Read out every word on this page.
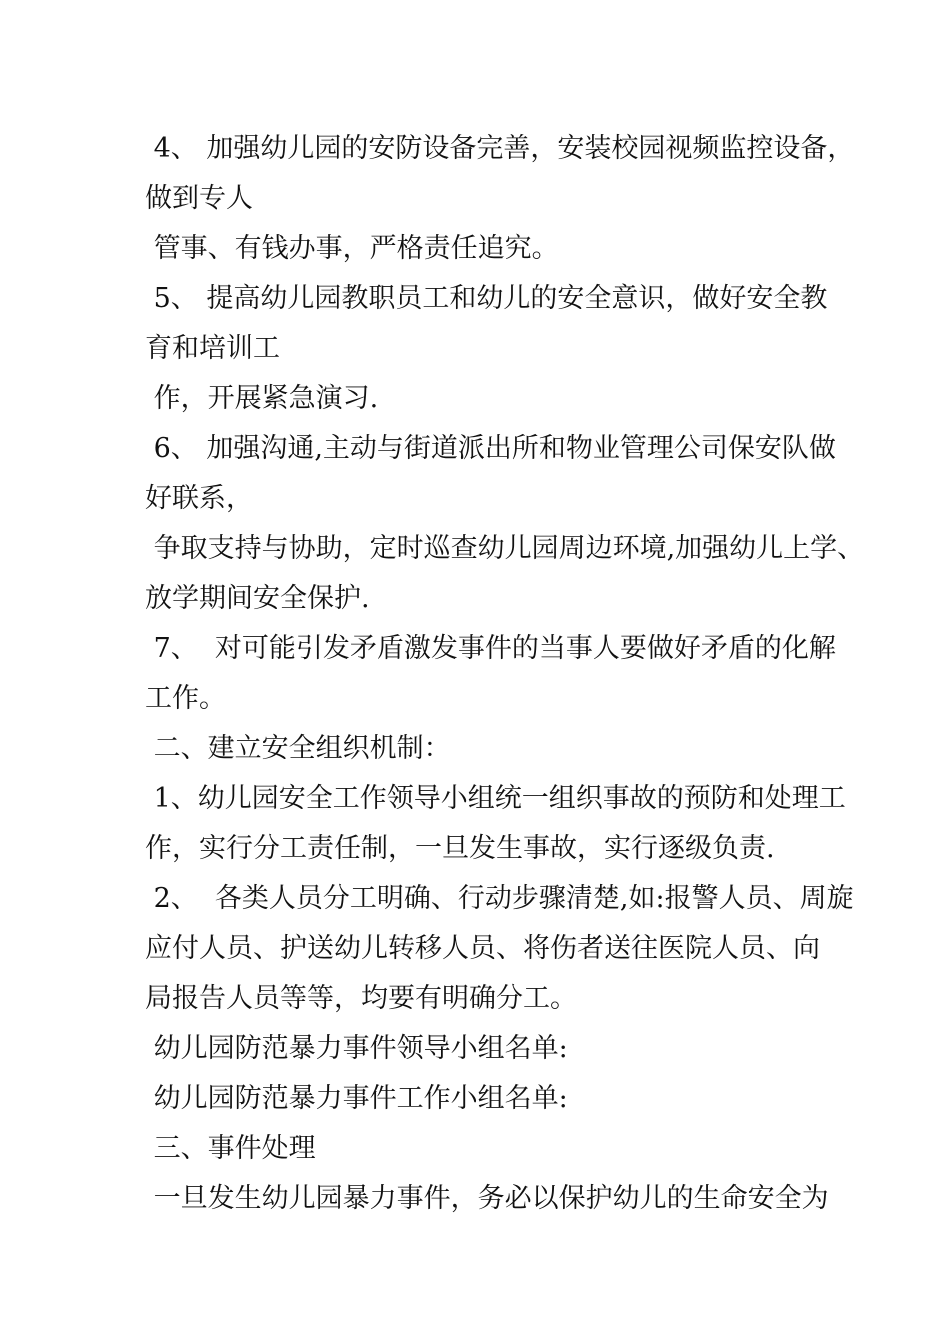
4、 加强幼儿园的安防设备完善，安装校园视频监控设备，
做到专人
管事、有钱办事，严格责任追究。
5、 提高幼儿园教职员工和幼儿的安全意识，做好安全教
育和培训工
作，开展紧急演习.
6、 加强沟通,主动与街道派出所和物业管理公司保安队做
好联系，
争取支持与协助，定时巡查幼儿园周边环境,加强幼儿上学、
放学期间安全保护.
7、  对可能引发矛盾激发事件的当事人要做好矛盾的化解
工作。
二、建立安全组织机制：
1、幼儿园安全工作领导小组统一组织事故的预防和处理工
作，实行分工责任制，一旦发生事故，实行逐级负责.
2、  各类人员分工明确、行动步骤清楚,如:报警人员、周旋
应付人员、护送幼儿转移人员、将伤者送往医院人员、向
局报告人员等等，均要有明确分工。
幼儿园防范暴力事件领导小组名单:
幼儿园防范暴力事件工作小组名单:
三、事件处理
一旦发生幼儿园暴力事件，务必以保护幼儿的生命安全为
